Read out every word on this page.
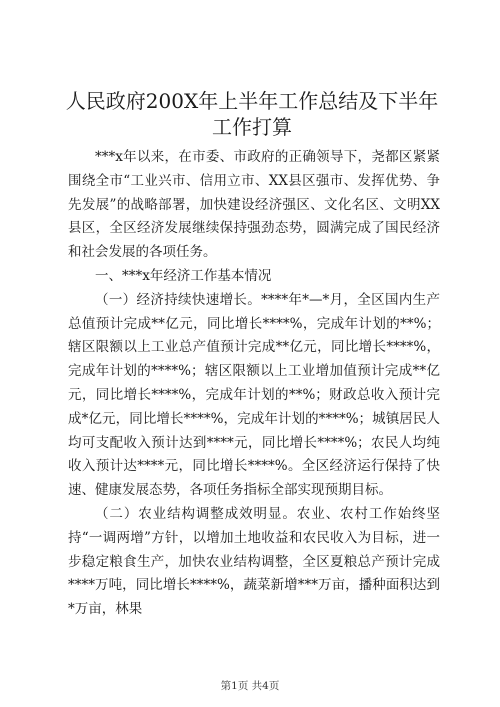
人民政府200X年上半年工作总结及下半年工作打算

***x年以来，在市委、市政府的正确领导下，尧都区紧紧围绕全市“工业兴市、信用立市、XX县区强市、发挥优势、争先发展”的战略部署，加快建设经济强区、文化名区、文明XX县区，全区经济发展继续保持强劲态势，圆满完成了国民经济和社会发展的各项任务。

一、***x年经济工作基本情况

（一）经济持续快速增长。****年*—*月，全区国内生产总值预计完成**亿元，同比增长****%，完成年计划的**%；辖区限额以上工业总产值预计完成**亿元，同比增长****%，完成年计划的****%；辖区限额以上工业增加值预计完成**亿元，同比增长****%，完成年计划的**%；财政总收入预计完成*亿元，同比增长****%，完成年计划的****%；城镇居民人均可支配收入预计达到****元，同比增长****%；农民人均纯收入预计达****元，同比增长****%。全区经济运行保持了快速、健康发展态势，各项任务指标全部实现预期目标。

（二）农业结构调整成效明显。农业、农村工作始终坚持“一调两增”方针，以增加土地收益和农民收入为目标，进一步稳定粮食生产，加快农业结构调整，全区夏粮总产预计完成****万吨，同比增长****%，蔬菜新增***万亩，播种面积达到*万亩，林果

第1页 共4页
